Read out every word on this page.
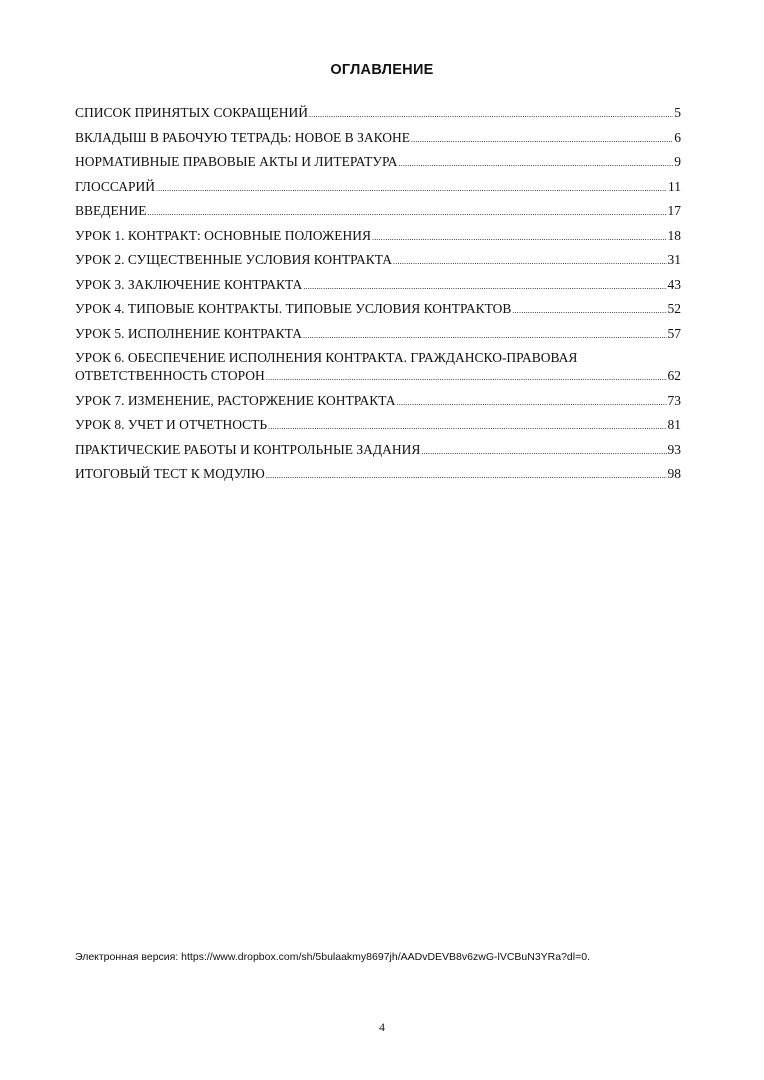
ОГЛАВЛЕНИЕ
СПИСОК ПРИНЯТЫХ СОКРАЩЕНИЙ .....	5
ВКЛАДЫШ В РАБОЧУЮ ТЕТРАДЬ: НОВОЕ В ЗАКОНЕ .....	6
НОРМАТИВНЫЕ ПРАВОВЫЕ АКТЫ И ЛИТЕРАТУРА .....	9
ГЛОССАРИЙ .....	11
ВВЕДЕНИЕ .....	17
УРОК 1. КОНТРАКТ: ОСНОВНЫЕ ПОЛОЖЕНИЯ .....	18
УРОК 2. СУЩЕСТВЕННЫЕ УСЛОВИЯ КОНТРАКТА .....	31
УРОК 3. ЗАКЛЮЧЕНИЕ КОНТРАКТА .....	43
УРОК 4. ТИПОВЫЕ КОНТРАКТЫ. ТИПОВЫЕ УСЛОВИЯ КОНТРАКТОВ .....	52
УРОК 5. ИСПОЛНЕНИЕ КОНТРАКТА .....	57
УРОК 6. ОБЕСПЕЧЕНИЕ ИСПОЛНЕНИЯ КОНТРАКТА. ГРАЖДАНСКО-ПРАВОВАЯ
ОТВЕТСТВЕННОСТЬ СТОРОН .....	62
УРОК 7. ИЗМЕНЕНИЕ, РАСТОРЖЕНИЕ КОНТРАКТА .....	73
УРОК 8. УЧЕТ И ОТЧЕТНОСТЬ .....	81
ПРАКТИЧЕСКИЕ РАБОТЫ И КОНТРОЛЬНЫЕ ЗАДАНИЯ .....	93
ИТОГОВЫЙ ТЕСТ К МОДУЛЮ .....	98
Электронная версия: https://www.dropbox.com/sh/5bulaakmy8697jh/AADvDEVB8v6zwG-lVCBuN3YRa?dl=0.
4
